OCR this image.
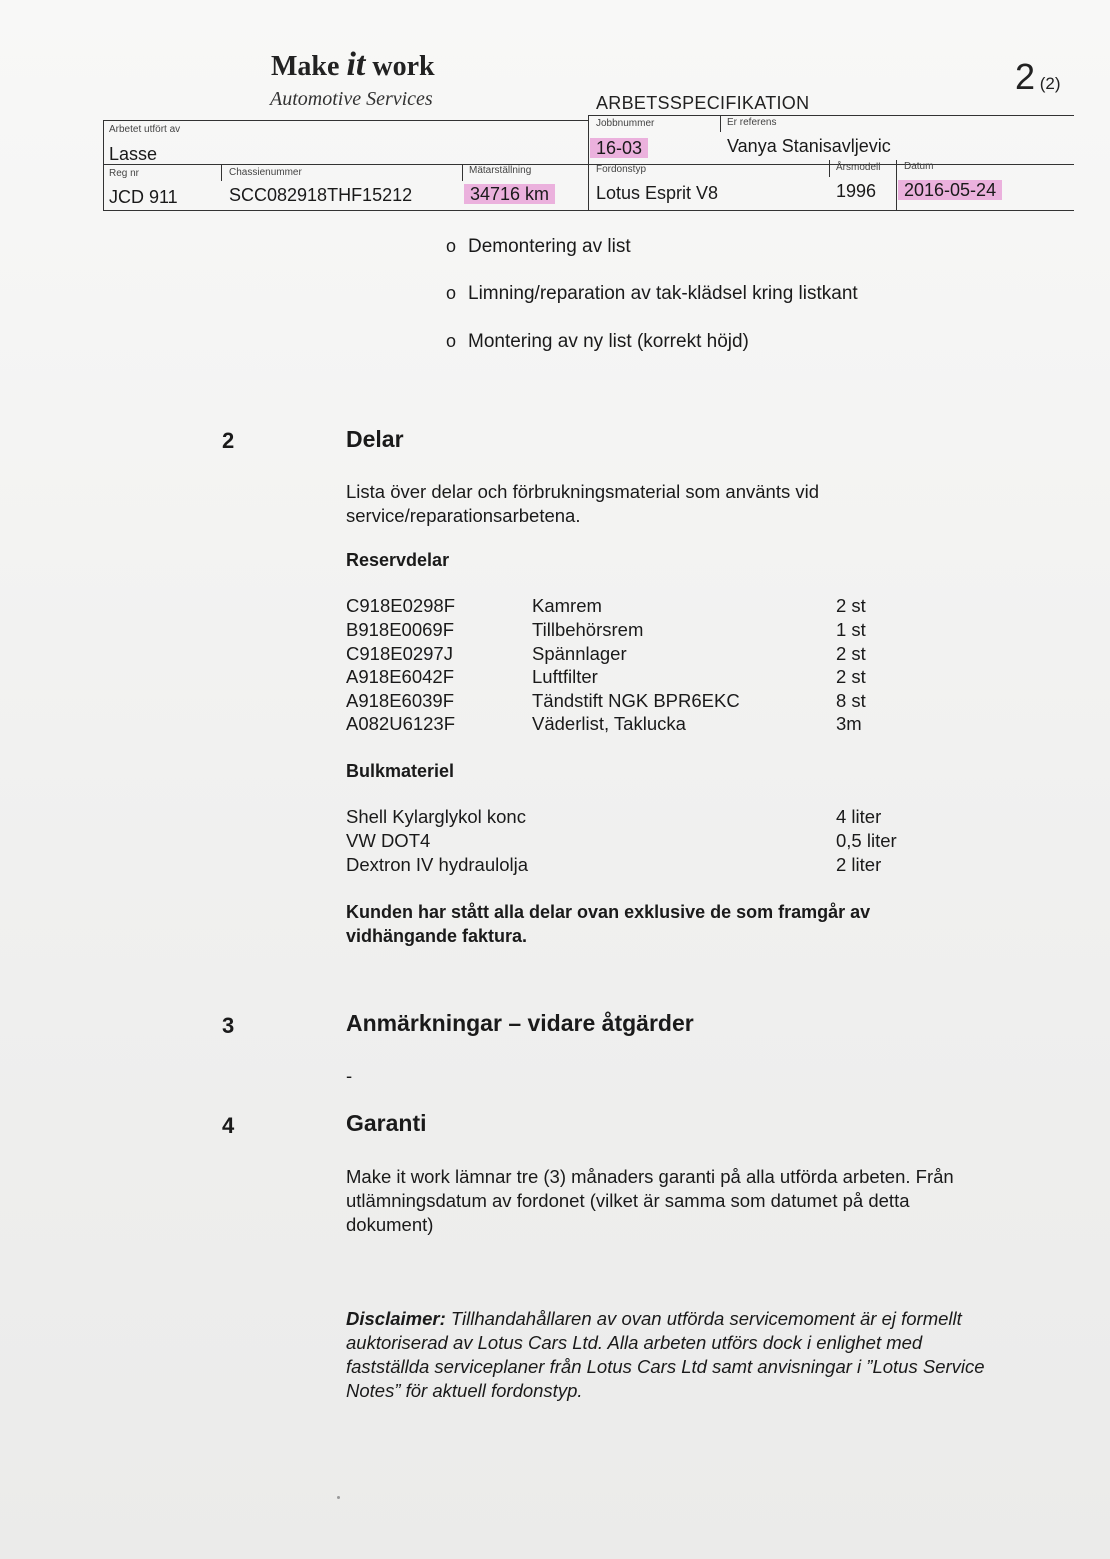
Make it work
Automotive Services
2 (2)
ARBETSSPECIFIKATION
Arbetet utfört av
Lasse
Jobbnummer
16-03
Er referens
Vanya Stanisavljevic
Reg nr
JCD 911
Chassienummer
SCC082918THF15212
Mätarställning
34716 km
Fordonstyp
Lotus Esprit V8
Årsmodell
1996
Datum
2016-05-24
o Demontering av list
o Limning/reparation av tak-klädsel kring listkant
o Montering av ny list (korrekt höjd)
2	Delar
Lista över delar och förbrukningsmaterial som använts vid
service/reparationsarbetena.
Reservdelar
C918E0298F	Kamrem	2 st
B918E0069F	Tillbehörsrem	1 st
C918E0297J	Spännlager	2 st
A918E6042F	Luftfilter	2 st
A918E6039F	Tändstift NGK BPR6EKC	8 st
A082U6123F	Väderlist, Taklucka	3m
Bulkmateriel
Shell Kylarglykol konc	4 liter
VW DOT4	0,5 liter
Dextron IV hydraulolja	2 liter
Kunden har stått alla delar ovan exklusive de som framgår av
vidhängande faktura.
3	Anmärkningar – vidare åtgärder
-
4	Garanti
Make it work lämnar tre (3) månaders garanti på alla utförda arbeten. Från
utlämningsdatum av fordonet (vilket är samma som datumet på detta
dokument)
Disclaimer: Tillhandahållaren av ovan utförda servicemoment är ej formellt
auktoriserad av Lotus Cars Ltd. Alla arbeten utförs dock i enlighet med
fastställda serviceplaner från Lotus Cars Ltd samt anvisningar i ”Lotus Service
Notes” för aktuell fordonstyp.
